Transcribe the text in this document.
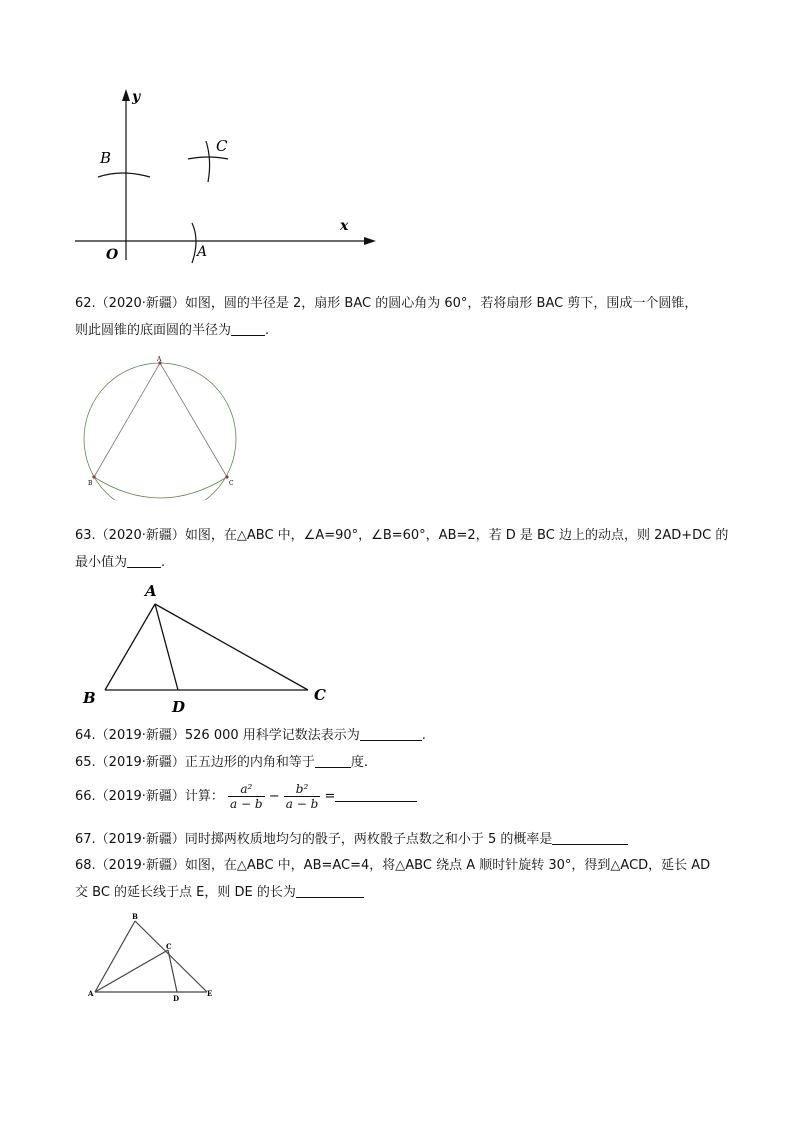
y
x
O
B
C
A
62.（2020·新疆）如图，圆的半径是 2，扇形 BAC 的圆心角为 60°，若将扇形 BAC 剪下，围成一个圆锥，
则此圆锥的底面圆的半径为	.
A
B	C
63.（2020·新疆）如图，在△ABC 中，∠A=90°，∠B=60°，AB=2，若 D 是 BC 边上的动点，则 2AD+DC 的
最小值为	.
A
B	C
D
64.（2019·新疆）526 000 用科学记数法表示为	.
65.（2019·新疆）正五边形的内角和等于	度.
66.（2019·新疆）计算： $\frac{\text{a²}}{a - b} - \frac{\text{b²}}{a - b}$ =
67.（2019·新疆）同时掷两枚质地均匀的骰子，两枚骰子点数之和小于 5 的概率是
68.（2019·新疆）如图，在△ABC 中，AB=AC=4，将△ABC 绕点 A 顺时针旋转 30°，得到△ACD，延长 AD
交 BC 的延长线于点 E，则 DE 的长为
A
B
C
D
E
